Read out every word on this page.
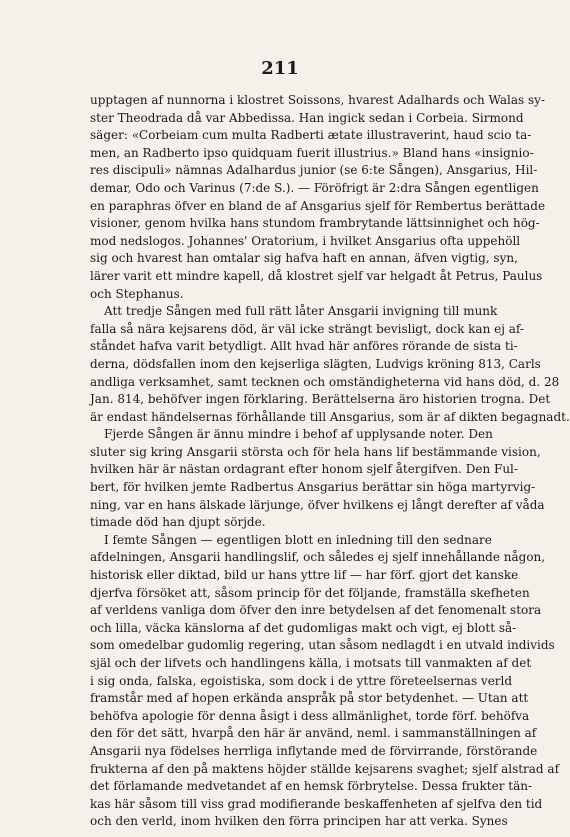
211
upptagen af nunnorna i klostret Soissons, hvarest Adalhards och Walas sy-
ster Theodrada då var Abbedissa. Han ingick sedan i Corbeia. Sirmond
säger: «Corbeiam cum multa Radberti ætate illustraverint, haud scio ta-
men, an Radberto ipso quidquam fuerit illustrius.» Bland hans «insignio-
res discipuli» nämnas Adalhardus junior (se 6:te Sången), Ansgarius, Hil-
demar, Odo och Varinus (7:de S.). — Föröfrigt är 2:dra Sången egentligen
en paraphras öfver en bland de af Ansgarius sjelf för Rembertus berättade
visioner, genom hvilka hans stundom frambrytande lättsinnighet och hög-
mod nedslogos. Johannes' Oratorium, i hvilket Ansgarius ofta uppehöll
sig och hvarest han omtalar sig hafva haft en annan, äfven vigtig, syn,
lärer varit ett mindre kapell, då klostret sjelf var helgadt åt Petrus, Paulus
och Stephanus.
Att tredje Sången med full rätt låter Ansgarii invigning till munk
falla så nära kejsarens död, är väl icke strängt bevisligt, dock kan ej af-
ståndet hafva varit betydligt. Allt hvad här anföres rörande de sista ti-
derna, dödsfallen inom den kejserliga slägten, Ludvigs kröning 813, Carls
andliga verksamhet, samt tecknen och omständigheterna vid hans död, d. 28
Jan. 814, behöfver ingen förklaring. Berättelserna äro historien trogna. Det
är endast händelsernas förhållande till Ansgarius, som är af dikten begagnadt.
Fjerde Sången är ännu mindre i behof af upplysande noter. Den
sluter sig kring Ansgarii största och för hela hans lif bestämmande vision,
hvilken här är nästan ordagrant efter honom sjelf återgifven. Den Ful-
bert, för hvilken jemte Radbertus Ansgarius berättar sin höga martyrvig-
ning, var en hans älskade lärjunge, öfver hvilkens ej långt derefter af våda
timade död han djupt sörjde.
I femte Sången — egentligen blott en inledning till den sednare
afdelningen, Ansgarii handlingslif, och således ej sjelf innehållande någon,
historisk eller diktad, bild ur hans yttre lif — har förf. gjort det kanske
djerfva försöket att, såsom princip för det följande, framställa skefheten
af verldens vanliga dom öfver den inre betydelsen af det fenomenalt stora
och lilla, väcka känslorna af det gudomligas makt och vigt, ej blott så-
som omedelbar gudomlig regering, utan såsom nedlagdt i en utvald individs
själ och der lifvets och handlingens källa, i motsats till vanmakten af det
i sig onda, falska, egoistiska, som dock i de yttre företeelsernas verld
framstår med af hopen erkända anspråk på stor betydenhet. — Utan att
behöfva apologie för denna åsigt i dess allmänlighet, torde förf. behöfva
den för det sätt, hvarpå den här är använd, neml. i sammanställningen af
Ansgarii nya födelses herrliga inflytande med de förvirrande, förstörande
frukterna af den på maktens höjder ställde kejsarens svaghet; sjelf alstrad af
det förlamande medvetandet af en hemsk förbrytelse. Dessa frukter tän-
kas här såsom till viss grad modifierande beskaffenheten af sjelfva den tid
och den verld, inom hvilken den förra principen har att verka. Synes
